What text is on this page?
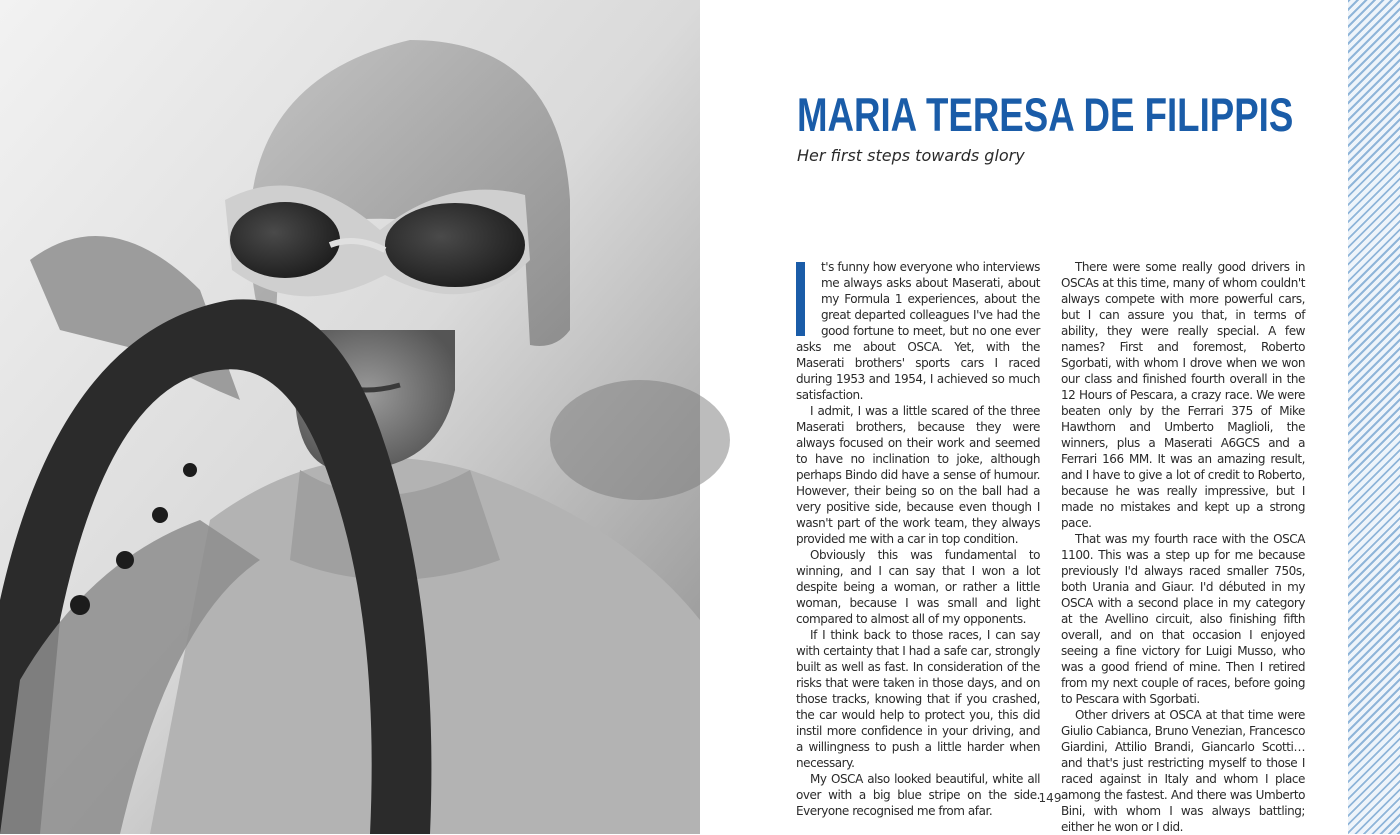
MARIA TERESA DE FILIPPIS

Her first steps towards glory

t's funny how everyone who interviews me always asks about Maserati, about my Formula 1 experiences, about the great departed colleagues I've had the good fortune to meet, but no one ever asks me about OSCA. Yet, with the Maserati brothers' sports cars I raced during 1953 and 1954, I achieved so much satisfaction.

I admit, I was a little scared of the three Maserati brothers, because they were always focused on their work and seemed to have no inclination to joke, although perhaps Bindo did have a sense of humour. However, their being so on the ball had a very positive side, because even though I wasn't part of the work team, they always provided me with a car in top condition.

Obviously this was fundamental to winning, and I can say that I won a lot despite being a woman, or rather a little woman, because I was small and light compared to almost all of my opponents.

If I think back to those races, I can say with certainty that I had a safe car, strongly built as well as fast. In consideration of the risks that were taken in those days, and on those tracks, knowing that if you crashed, the car would help to protect you, this did instil more confidence in your driving, and a willingness to push a little harder when necessary.

My OSCA also looked beautiful, white all over with a big blue stripe on the side. Everyone recognised me from afar.

There were some really good drivers in OSCAs at this time, many of whom couldn't always compete with more powerful cars, but I can assure you that, in terms of ability, they were really special. A few names? First and foremost, Roberto Sgorbati, with whom I drove when we won our class and finished fourth overall in the 12 Hours of Pescara, a crazy race. We were beaten only by the Ferrari 375 of Mike Hawthorn and Umberto Maglioli, the winners, plus a Maserati A6GCS and a Ferrari 166 MM. It was an amazing result, and I have to give a lot of credit to Roberto, because he was really impressive, but I made no mistakes and kept up a strong pace.

That was my fourth race with the OSCA 1100. This was a step up for me because previously I'd always raced smaller 750s, both Urania and Giaur. I'd débuted in my OSCA with a second place in my category at the Avellino circuit, also finishing fifth overall, and on that occasion I enjoyed seeing a fine victory for Luigi Musso, who was a good friend of mine. Then I retired from my next couple of races, before going to Pescara with Sgorbati.

Other drivers at OSCA at that time were Giulio Cabianca, Bruno Venezian, Francesco Giardini, Attilio Brandi, Giancarlo Scotti… and that's just restricting myself to those I raced against in Italy and whom I place among the fastest. And there was Umberto Bini, with whom I was always battling; either he won or I did.

149
